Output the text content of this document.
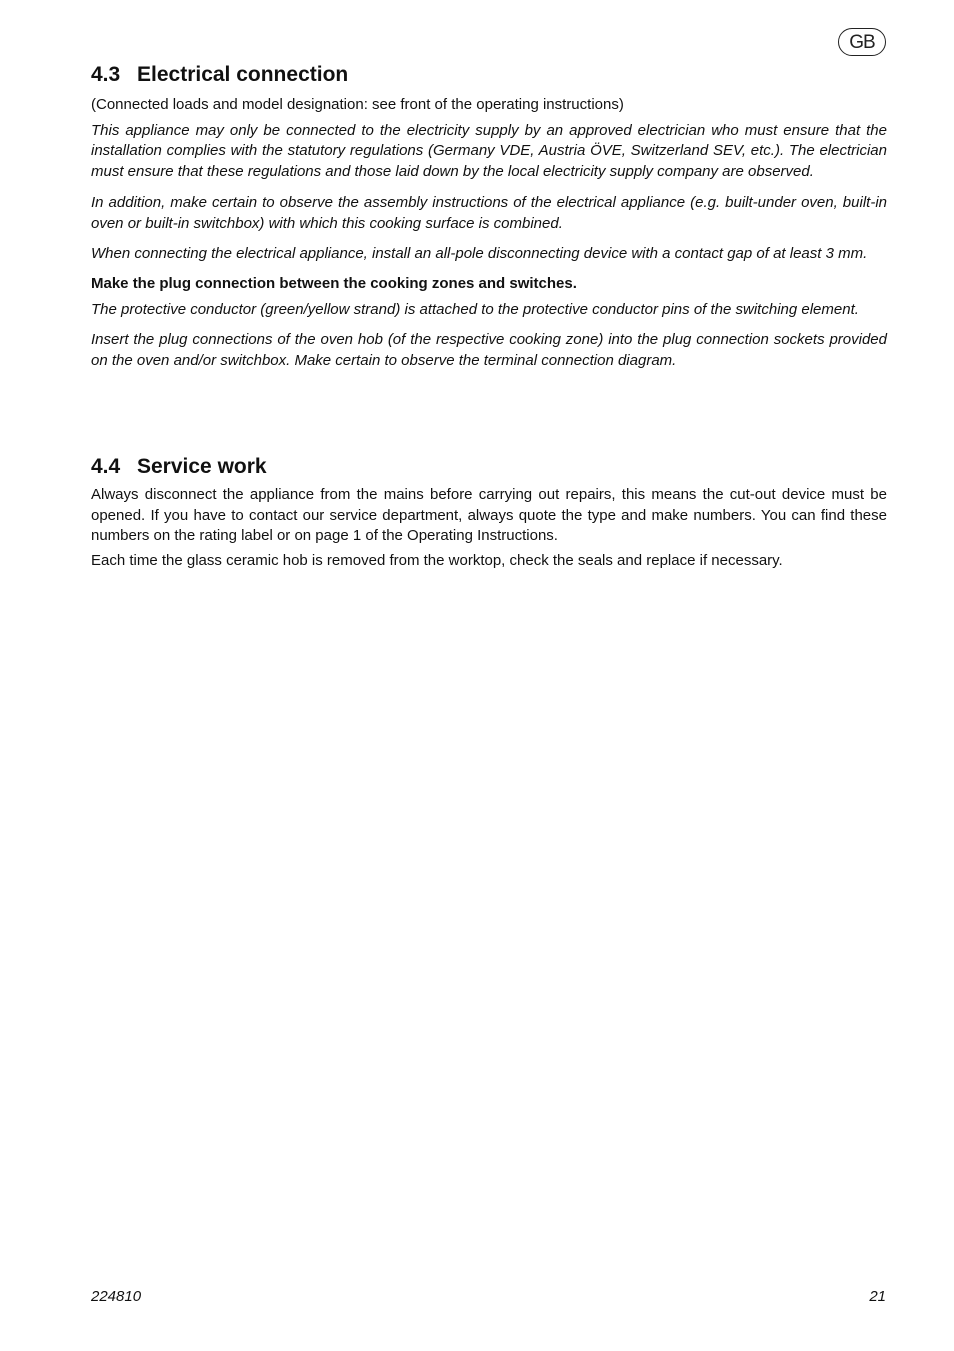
GB
4.3 Electrical connection

(Connected loads and model designation: see front of the operating instructions)

This appliance may only be connected to the electricity supply by an approved electrician who must ensure that the installation complies with the statutory regulations (Germany VDE, Austria ÖVE, Switzerland SEV, etc.). The electrician must ensure that these regulations and those laid down by the local electricity supply company are observed.

In addition, make certain to observe the assembly instructions of the electrical appliance (e.g. built-under oven, built-in oven or built-in switchbox) with which this cooking surface is combined.

When connecting the electrical appliance, install an all-pole disconnecting device with a contact gap of at least 3 mm.

Make the plug connection between the cooking zones and switches.

The protective conductor (green/yellow strand) is attached to the protective conductor pins of the switching element.

Insert the plug connections of the oven hob (of the respective cooking zone) into the plug connection sockets provided on the oven and/or switchbox. Make certain to observe the terminal connection diagram.

4.4 Service work

Always disconnect the appliance from the mains before carrying out repairs, this means the cut-out device must be opened. If you have to contact our service department, always quote the type and make numbers. You can find these numbers on the rating label or on page 1 of the Operating Instructions.

Each time the glass ceramic hob is removed from the worktop, check the seals and replace if necessary.

224810	21
